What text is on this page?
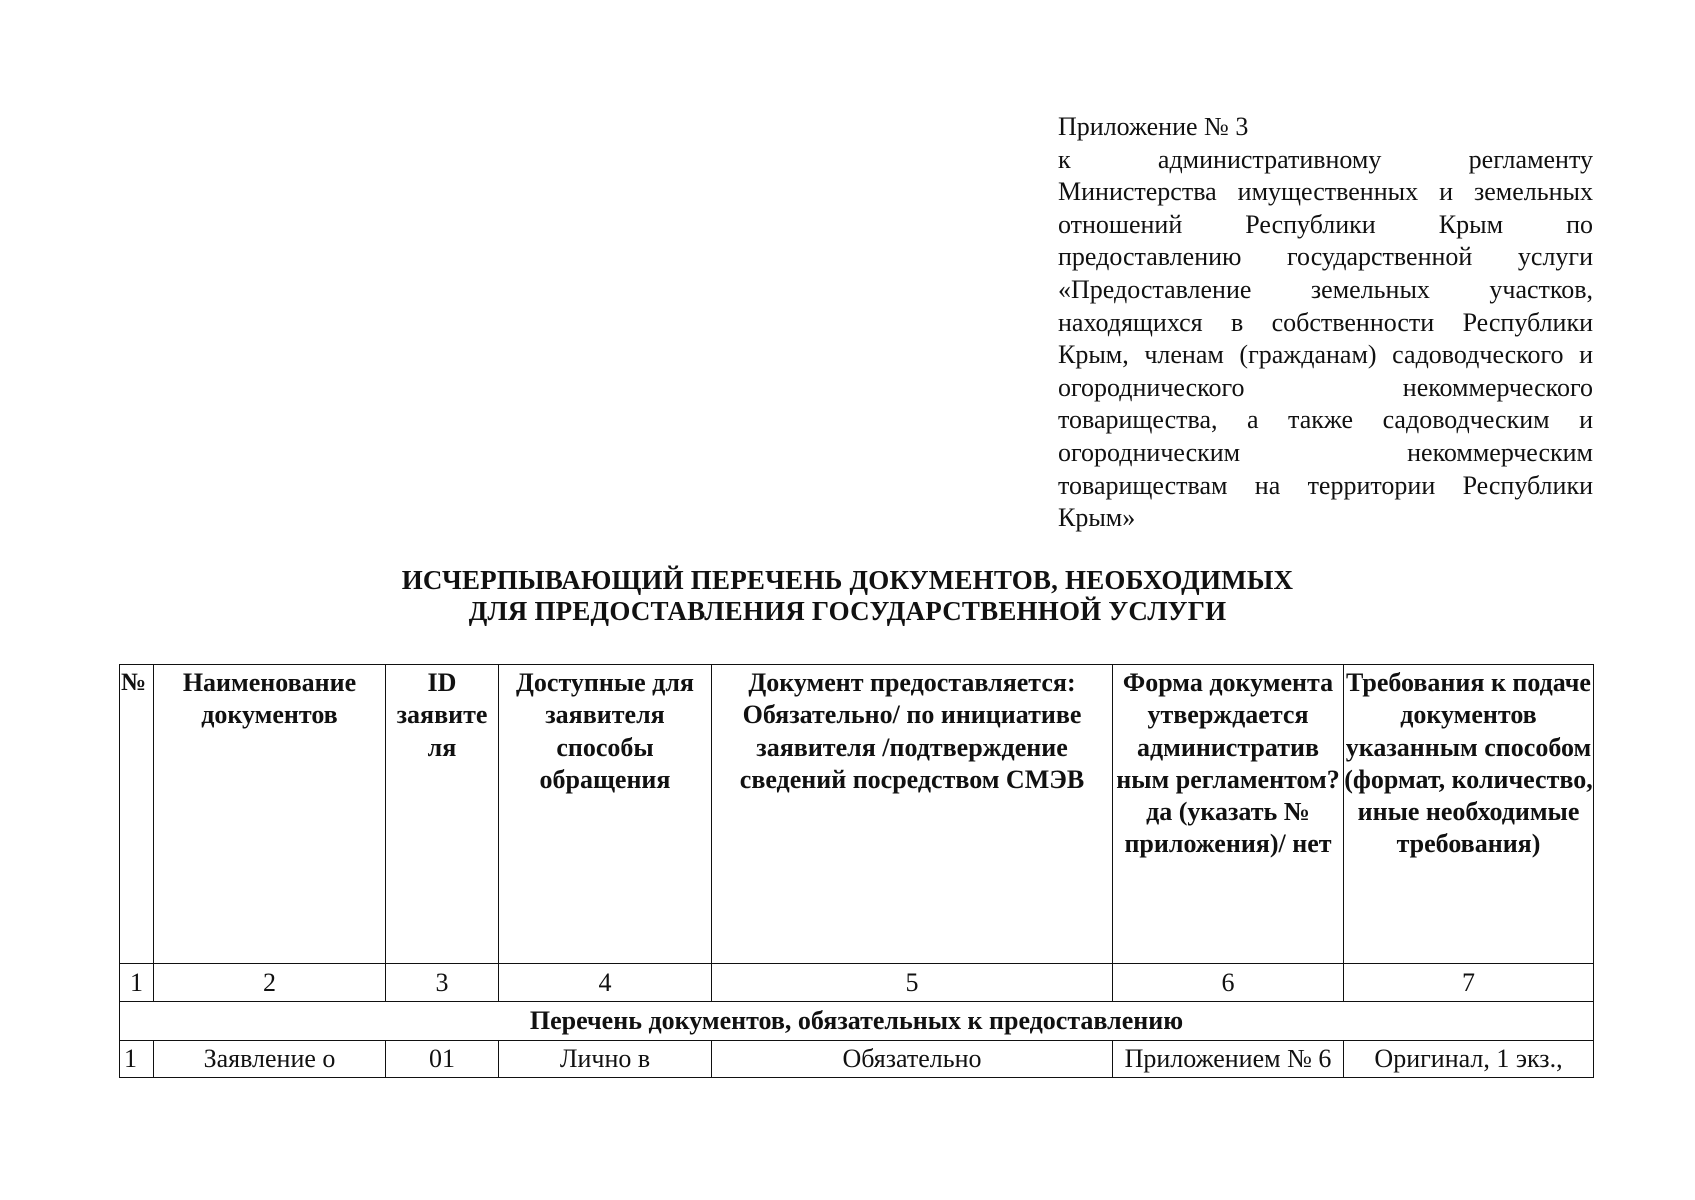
Приложение № 3
к административному регламенту Министерства имущественных и земельных отношений Республики Крым по предоставлению государственной услуги «Предоставление земельных участков, находящихся в собственности Республики Крым, членам (гражданам) садоводческого и огороднического некоммерческого товарищества, а также садоводческим и огородническим некоммерческим товариществам на территории Республики Крым»
ИСЧЕРПЫВАЮЩИЙ ПЕРЕЧЕНЬ ДОКУМЕНТОВ, НЕОБХОДИМЫХ
ДЛЯ ПРЕДОСТАВЛЕНИЯ ГОСУДАРСТВЕННОЙ УСЛУГИ
№	Наименование документов	ID заявите ля	Доступные для заявителя способы обращения	Документ предоставляется: Обязательно/ по инициативе заявителя /подтверждение сведений посредством СМЭВ	Форма документа утверждается административ ным регламентом? да (указать № приложения)/ нет	Требования к подаче документов указанным способом (формат, количество, иные необходимые требования)
1	2	3	4	5	6	7
Перечень документов, обязательных к предоставлению						
1	Заявление о	01	Лично в	Обязательно	Приложением № 6	Оригинал, 1 экз.,
